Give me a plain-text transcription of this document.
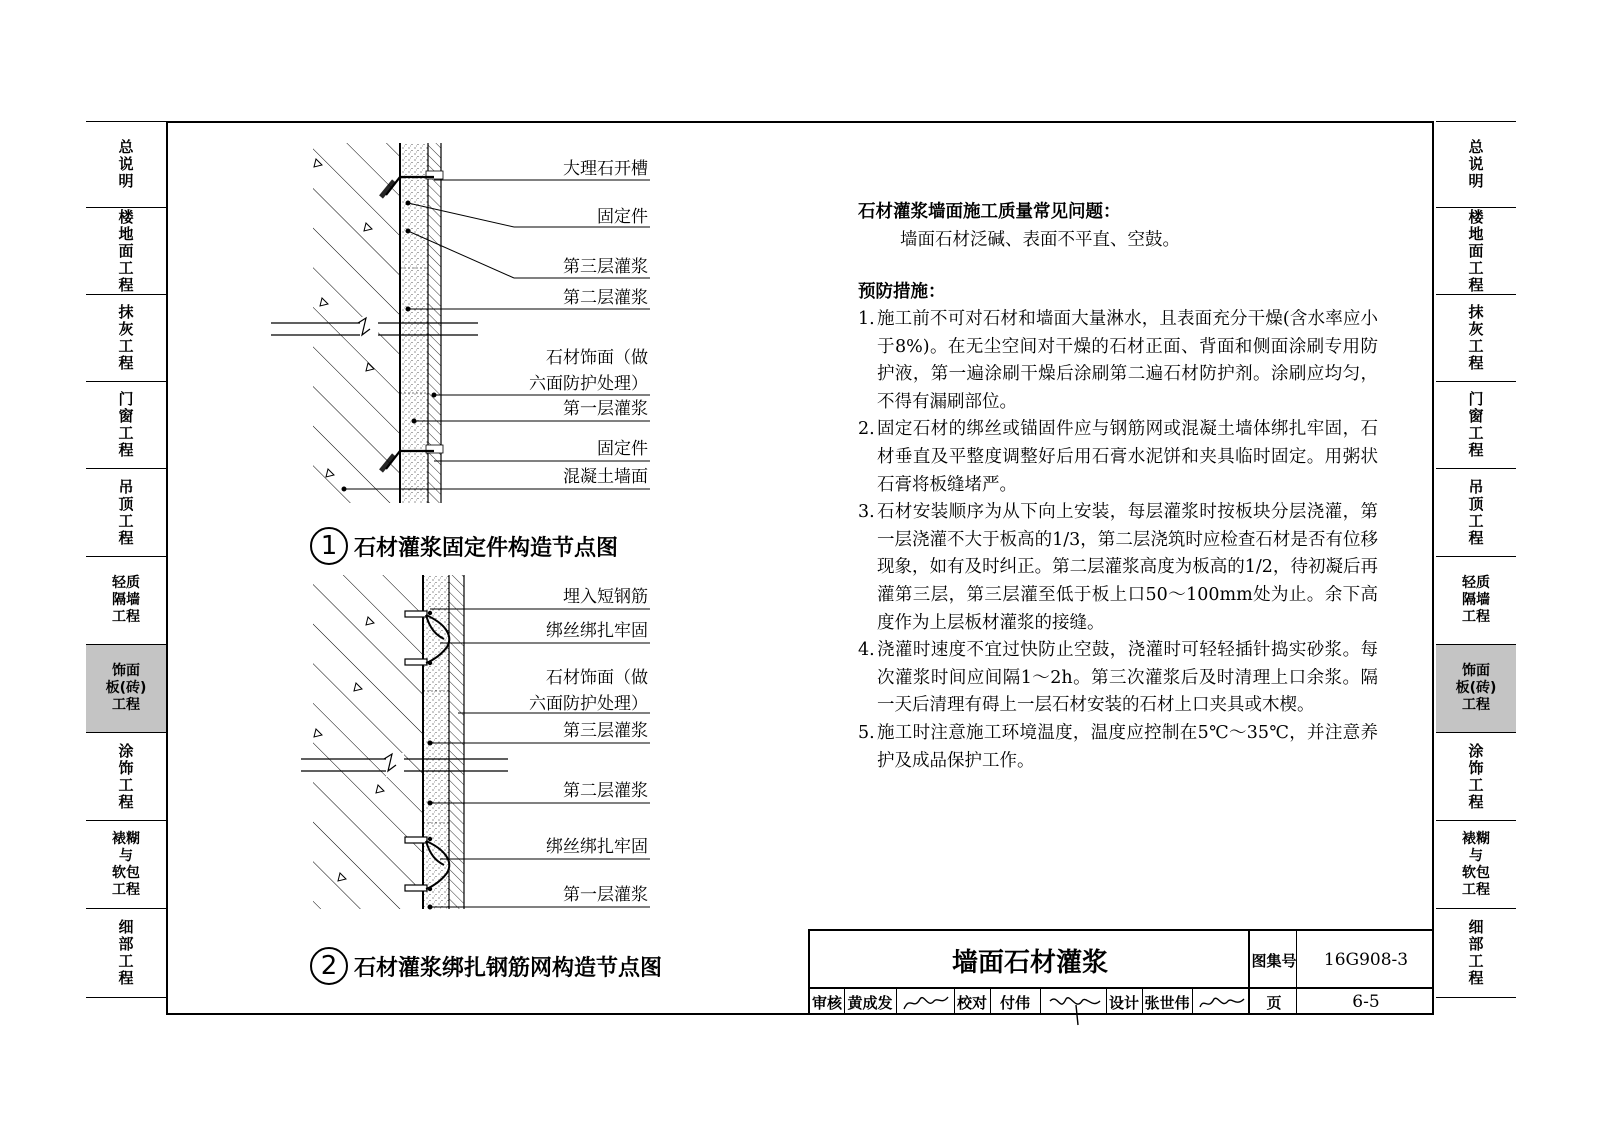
总说明
楼地面工程
抹灰工程
门窗工程
吊顶工程
轻质
隔墙
工程
饰面
板(砖)
工程
涂饰工程
裱糊
与
软包
工程
细部工程
总说明
楼地面工程
抹灰工程
门窗工程
吊顶工程
轻质
隔墙
工程
饰面
板(砖)
工程
涂饰工程
裱糊
与
软包
工程
细部工程
大理石开槽
固定件
第三层灌浆
第二层灌浆
石材饰面（做
六面防护处理）
第一层灌浆
固定件
混凝土墙面
1 石材灌浆固定件构造节点图
埋入短钢筋
绑丝绑扎牢固
石材饰面（做
六面防护处理）
第三层灌浆
第二层灌浆
绑丝绑扎牢固
第一层灌浆
2 石材灌浆绑扎钢筋网构造节点图
石材灌浆墙面施工质量常见问题：
墙面石材泛碱、表面不平直、空鼓。
预防措施：
1. 施工前不可对石材和墙面大量淋水，且表面充分干燥(含水率应小于8%)。在无尘空间对干燥的石材正面、背面和侧面涂刷专用防护液，第一遍涂刷干燥后涂刷第二遍石材防护剂。涂刷应均匀，不得有漏刷部位。
2. 固定石材的绑丝或锚固件应与钢筋网或混凝土墙体绑扎牢固，石材垂直及平整度调整好后用石膏水泥饼和夹具临时固定。用粥状石膏将板缝堵严。
3. 石材安装顺序为从下向上安装，每层灌浆时按板块分层浇灌，第一层浇灌不大于板高的1/3，第二层浇筑时应检查石材是否有位移现象，如有及时纠正。第二层灌浆高度为板高的1/2，待初凝后再灌第三层，第三层灌至低于板上口50～100mm处为止。余下高度作为上层板材灌浆的接缝。
4. 浇灌时速度不宜过快防止空鼓，浇灌时可轻轻插针捣实砂浆。每次灌浆时间应间隔1～2h。第三次灌浆后及时清理上口余浆。隔一天后清理有碍上一层石材安装的石材上口夹具或木楔。
5. 施工时注意施工环境温度，温度应控制在5℃～35℃，并注意养护及成品保护工作。
墙面石材灌浆	图集号	16G908-3
审核 黄成发	校对 付伟	设计 张世伟	页	6-5
